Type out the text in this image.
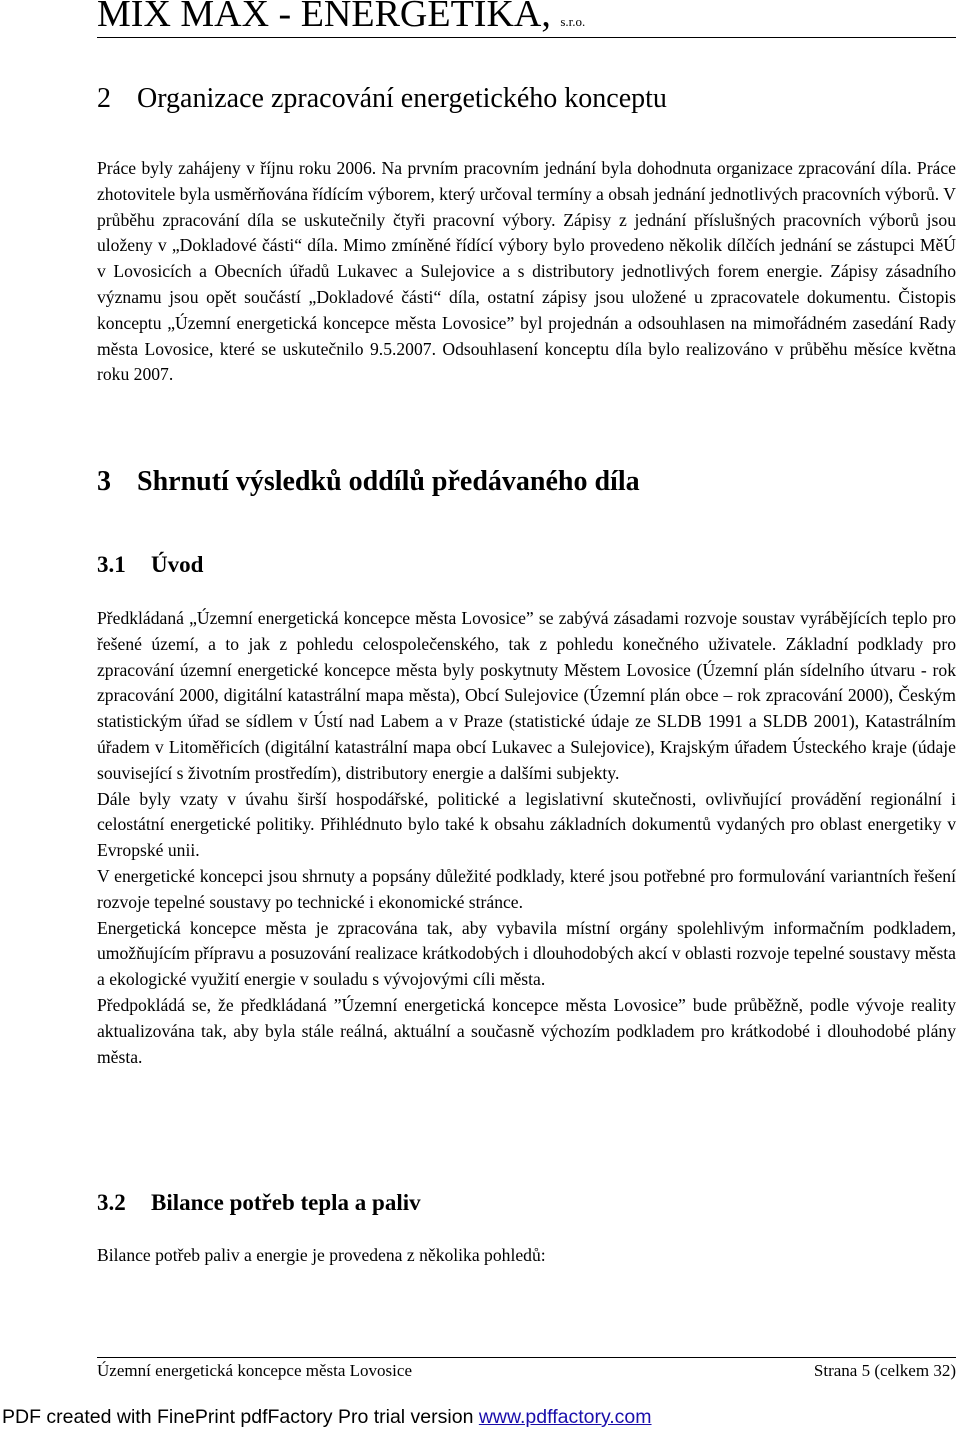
MIX MAX - ENERGETIKA, s.r.o.
2 Organizace zpracování energetického konceptu

Práce byly zahájeny v říjnu roku 2006. Na prvním pracovním jednání byla dohodnuta organizace zpracování díla. Práce zhotovitele byla usměrňována řídícím výborem, který určoval termíny a obsah jednání jednotlivých pracovních výborů. V průběhu zpracování díla se uskutečnily čtyři pracovní výbory. Zápisy z jednání příslušných pracovních výborů jsou uloženy v „Dokladové části“ díla. Mimo zmíněné řídící výbory bylo provedeno několik dílčích jednání se zástupci MěÚ v Lovosicích a Obecních úřadů Lukavec a Sulejovice a s distributory jednotlivých forem energie. Zápisy zásadního významu jsou opět součástí „Dokladové části“ díla, ostatní zápisy jsou uložené u zpracovatele dokumentu. Čistopis konceptu „Územní energetická koncepce města Lovosice” byl projednán a odsouhlasen na mimořádném zasedání Rady města Lovosice, které se uskutečnilo 9.5.2007. Odsouhlasení konceptu díla bylo realizováno v průběhu měsíce května roku 2007.

3 Shrnutí výsledků oddílů předávaného díla
3.1 Úvod

Předkládaná „Územní energetická koncepce města Lovosice” se zabývá zásadami rozvoje soustav vyrábějících teplo pro řešené území, a to jak z pohledu celospolečenského, tak z pohledu konečného uživatele. Základní podklady pro zpracování územní energetické koncepce města byly poskytnuty Městem Lovosice (Územní plán sídelního útvaru - rok zpracování 2000, digitální katastrální mapa města), Obcí Sulejovice (Územní plán obce – rok zpracování 2000), Českým statistickým úřad se sídlem v Ústí nad Labem a v Praze (statistické údaje ze SLDB 1991 a SLDB 2001), Katastrálním úřadem v Litoměřicích (digitální katastrální mapa obcí Lukavec a Sulejovice), Krajským úřadem Ústeckého kraje (údaje související s životním prostředím), distributory energie a dalšími subjekty.

Dále byly vzaty v úvahu širší hospodářské, politické a legislativní skutečnosti, ovlivňující provádění regionální i celostátní energetické politiky. Přihlédnuto bylo také k obsahu základních dokumentů vydaných pro oblast energetiky v Evropské unii.

V energetické koncepci jsou shrnuty a popsány důležité podklady, které jsou potřebné pro formulování variantních řešení rozvoje tepelné soustavy po technické i ekonomické stránce.

Energetická koncepce města je zpracována tak, aby vybavila místní orgány spolehlivým informačním podkladem, umožňujícím přípravu a posuzování realizace krátkodobých i dlouhodobých akcí v oblasti rozvoje tepelné soustavy města a ekologické využití energie v souladu s vývojovými cíli města.

Předpokládá se, že předkládaná ”Územní energetická koncepce města Lovosice” bude průběžně, podle vývoje reality aktualizována tak, aby byla stále reálná, aktuální a současně výchozím podkladem pro krátkodobé i dlouhodobé plány města.

3.2 Bilance potřeb tepla a paliv

Bilance potřeb paliv a energie je provedena z několika pohledů:

Územní energetická koncepce města Lovosice	Strana 5 (celkem 32)
PDF created with FinePrint pdfFactory Pro trial version www.pdffactory.com
